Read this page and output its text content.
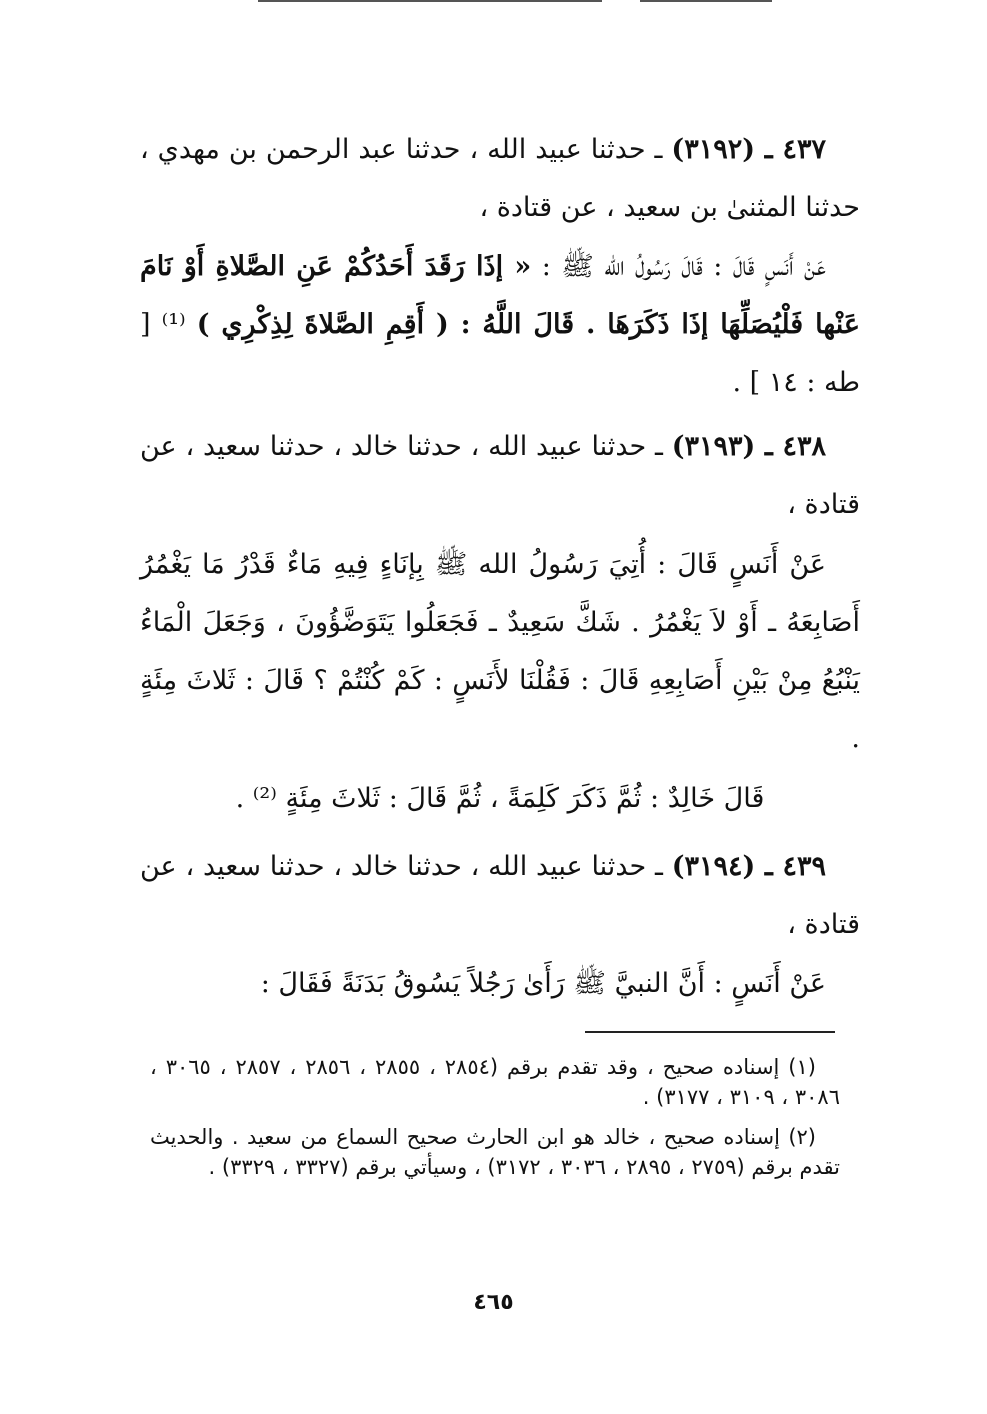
٤٣٧ ـ (٣١٩٢) ـ حدثنا عبيد الله ، حدثنا عبد الرحمن بن مهدي ، حدثنا المثنىٰ بن سعيد ، عن قتادة ،

عَنْ أَنَسٍ قَالَ : قَالَ رَسُولُ الله ﷺ : « إذَا رَقَدَ أَحَدُكُمْ عَنِ الصَّلاةِ أَوْ نَامَ عَنْها فَلْيُصَلِّهَا إذَا ذَكَرَهَا . قَالَ اللَّهُ : ( أَقِمِ الصَّلاةَ لِذِكْرِي ) ⁽¹⁾ [ طه : ١٤ ] .

٤٣٨ ـ (٣١٩٣) ـ حدثنا عبيد الله ، حدثنا خالد ، حدثنا سعيد ، عن قتادة ،

عَنْ أَنَسٍ قَالَ : أُتِيَ رَسُولُ الله ﷺ بِإنَاءٍ فِيهِ مَاءٌ قَدْرُ مَا يَغْمُرُ أَصَابِعَهُ ـ أَوْ لاَ يَغْمُرُ . شَكَّ سَعِيدٌ ـ فَجَعَلُوا يَتَوَضَّؤُونَ ، وَجَعَلَ الْمَاءُ يَنْبُعُ مِنْ بَيْنِ أَصَابِعِهِ قَالَ : فَقُلْنَا لأَنَسٍ : كَمْ كُنْتُمْ ؟ قَالَ : ثَلاثَ مِئَةٍ .

قَالَ خَالِدٌ : ثُمَّ ذَكَرَ كَلِمَةً ، ثُمَّ قَالَ : ثَلاثَ مِئَةٍ ⁽²⁾ .

٤٣٩ ـ (٣١٩٤) ـ حدثنا عبيد الله ، حدثنا خالد ، حدثنا سعيد ، عن قتادة ،

عَنْ أَنَسٍ : أَنَّ النبيَّ ﷺ رَأَىٰ رَجُلاً يَسُوقُ بَدَنَةً فَقَالَ :

(١) إسناده صحيح ، وقد تقدم برقم (٢٨٥٤ ، ٢٨٥٥ ، ٢٨٥٦ ، ٢٨٥٧ ، ٣٠٦٥ ، ٣٠٨٦ ، ٣١٠٩ ، ٣١٧٧) .

(٢) إسناده صحيح ، خالد هو ابن الحارث صحيح السماع من سعيد . والحديث تقدم برقم (٢٧٥٩ ، ٢٨٩٥ ، ٣٠٣٦ ، ٣١٧٢) ، وسيأتي برقم (٣٣٢٧ ، ٣٣٢٩) .

٤٦٥
